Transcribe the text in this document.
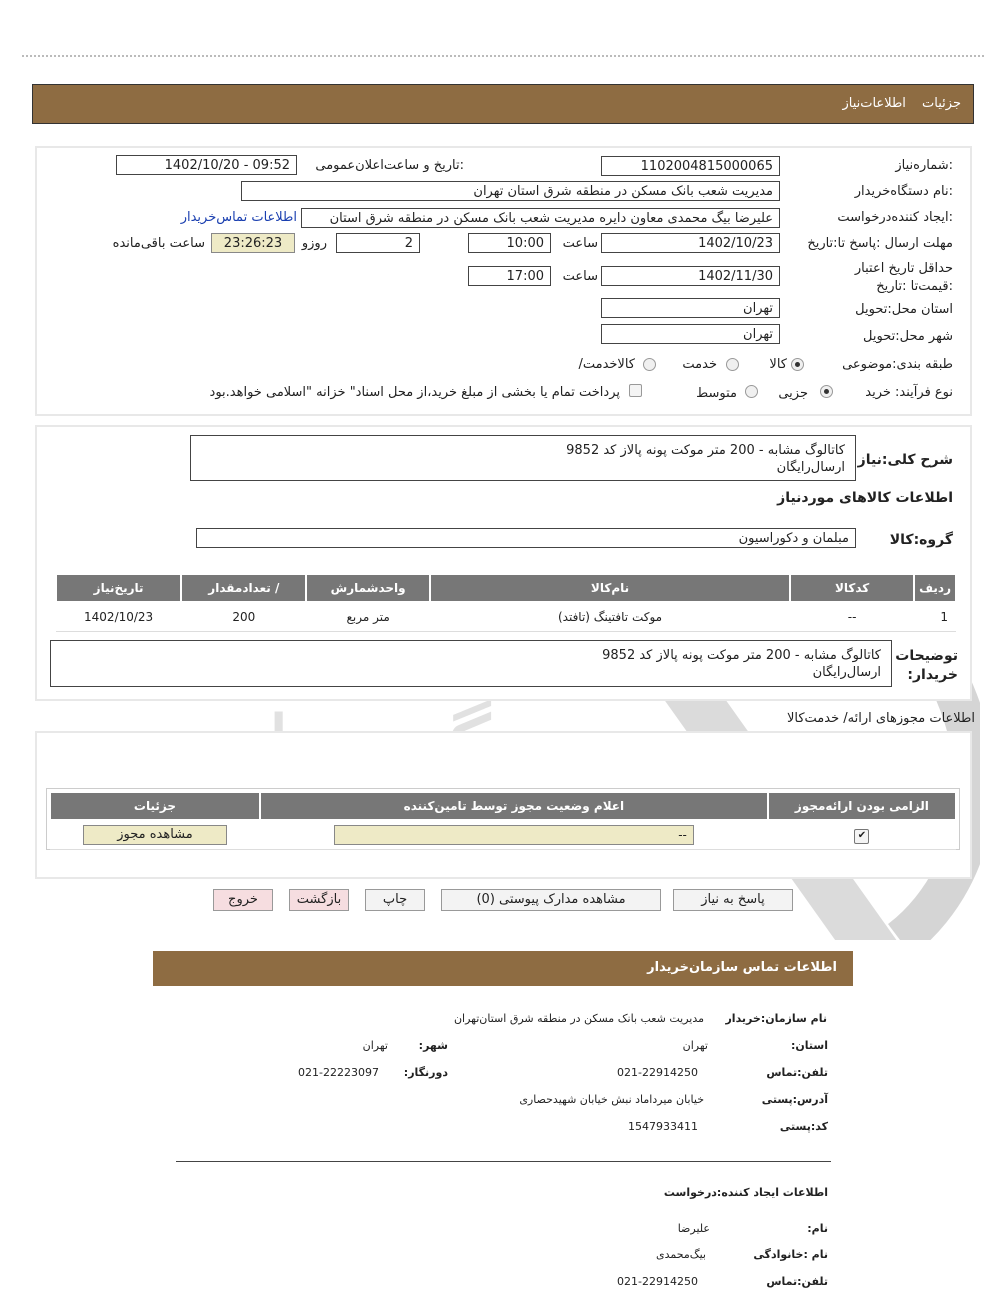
جزئیات اطلاعات‌نیاز
شماره‌نیاز:
1102004815000065
تاریخ و ساعت‌اعلان‌عمومی:
1402/10/20 - 09:52
نام دستگاه‌خریدار:
مدیریت شعب بانک مسکن در منطقه شرق استان تهران
ایجاد کننده‌درخواست:
علیرضا بیگ محمدی معاون دایره مدیریت شعب بانک مسکن در منطقه شرق استان
اطلاعات تماس‌خریدار
مهلت ارسال :پاسخ تا:تاریخ
1402/10/23
ساعت
10:00
2
روزو
23:26:23
ساعت باقی‌مانده
حداقل تاریخ اعتبار :قیمت‌تا :تاریخ
1402/11/30
ساعت
17:00
استان محل:تحویل
تهران
شهر محل:تحویل
تهران
طبقه بندی:موضوعی
کالا
خدمت
/کالاخدمت
نوع فرآیند: خرید
جزیی
متوسط
پرداخت تمام یا بخشی از مبلغ خرید،از محل اسناد" خزانه "اسلامی خواهد.بود
شرح کلی:نیاز
کاتالوگ مشابه - 200 متر موکت پونه پالاز کد 9852
ارسال‌رایگان
اطلاعات کالاهای مورد‌نیاز
گروه:کالا
مبلمان و دکوراسیون
ردیف	کدکالا	نام‌کالا	واحدشمارش	/ تعدادمقدار	تاریخ‌نیاز
1	--	موکت تافتینگ (تافتد)	متر مربع	200	1402/10/23
توضیحات
:خریدار
کاتالوگ مشابه - 200 متر موکت پونه پالاز کد 9852
ارسال‌رایگان
اطلاعات مجوزهای ارائه/ خدمت‌کالا
الزامی بودن ارائه‌مجوز	اعلام وضعیت مجوز توسط تامین‌کننده	جزئیات
✔	--	مشاهده مجوز
پاسخ به نیاز
مشاهده مدارک پیوستی (0)
چاپ
بازگشت
خروج
اطلاعات تماس سازمان‌خریدار
نام سازمان:خریدار
مدیریت شعب بانک مسکن در منطقه شرق استان‌تهران
:استان
تهران
:شهر
تهران
تلفن:تماس
021-22914250
:دورنگار
021-22223097
آدرس:پستی
خیابان میرداماد نبش خیابان شهیدحصاری
کد:پستی
1547933411
اطلاعات ایجاد کننده:درخواست
:نام
علیرضا
نام :خانوادگی
بیگ‌محمدی
تلفن:تماس
021-22914250
